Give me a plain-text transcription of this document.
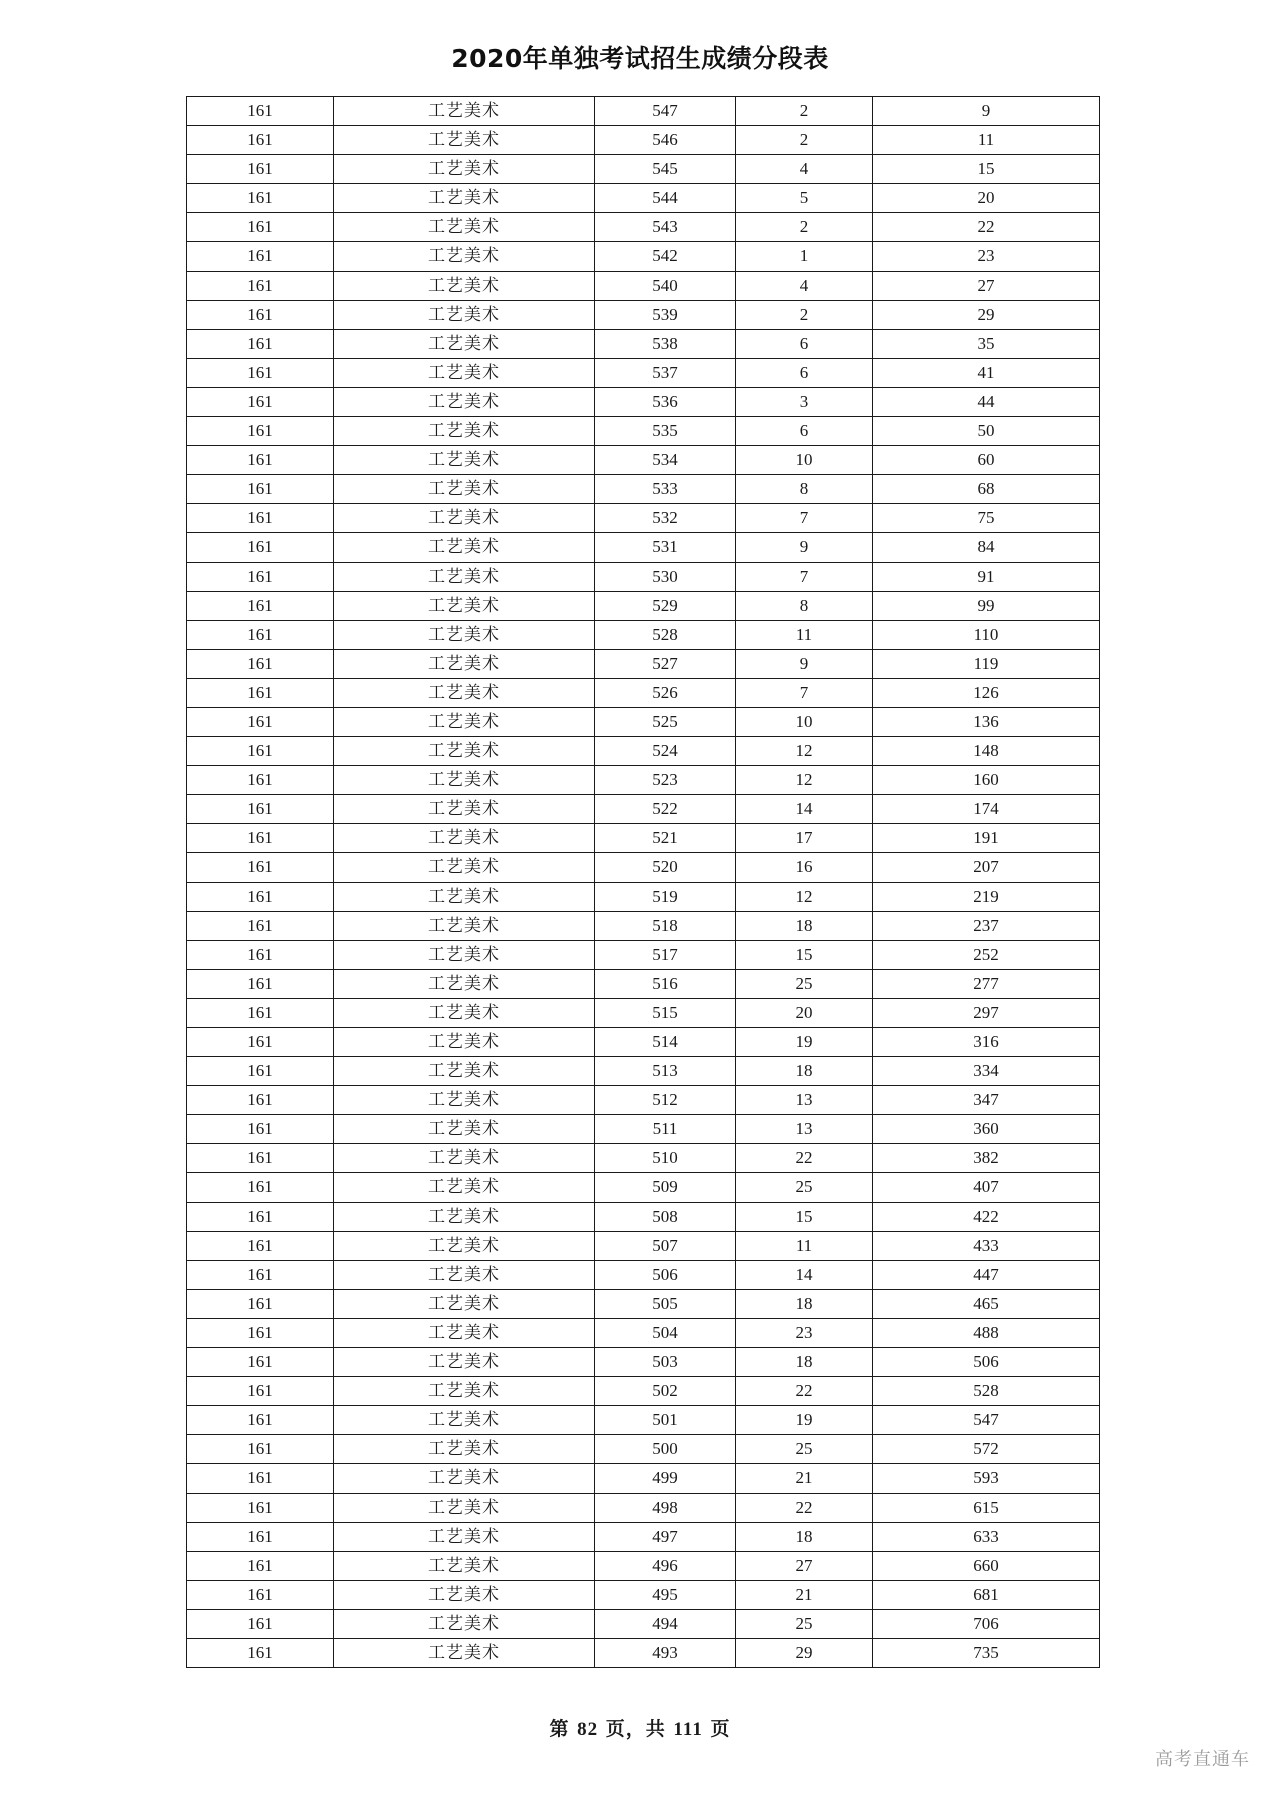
2020年单独考试招生成绩分段表
161	工艺美术	547	2	9
161	工艺美术	546	2	11
161	工艺美术	545	4	15
161	工艺美术	544	5	20
161	工艺美术	543	2	22
161	工艺美术	542	1	23
161	工艺美术	540	4	27
161	工艺美术	539	2	29
161	工艺美术	538	6	35
161	工艺美术	537	6	41
161	工艺美术	536	3	44
161	工艺美术	535	6	50
161	工艺美术	534	10	60
161	工艺美术	533	8	68
161	工艺美术	532	7	75
161	工艺美术	531	9	84
161	工艺美术	530	7	91
161	工艺美术	529	8	99
161	工艺美术	528	11	110
161	工艺美术	527	9	119
161	工艺美术	526	7	126
161	工艺美术	525	10	136
161	工艺美术	524	12	148
161	工艺美术	523	12	160
161	工艺美术	522	14	174
161	工艺美术	521	17	191
161	工艺美术	520	16	207
161	工艺美术	519	12	219
161	工艺美术	518	18	237
161	工艺美术	517	15	252
161	工艺美术	516	25	277
161	工艺美术	515	20	297
161	工艺美术	514	19	316
161	工艺美术	513	18	334
161	工艺美术	512	13	347
161	工艺美术	511	13	360
161	工艺美术	510	22	382
161	工艺美术	509	25	407
161	工艺美术	508	15	422
161	工艺美术	507	11	433
161	工艺美术	506	14	447
161	工艺美术	505	18	465
161	工艺美术	504	23	488
161	工艺美术	503	18	506
161	工艺美术	502	22	528
161	工艺美术	501	19	547
161	工艺美术	500	25	572
161	工艺美术	499	21	593
161	工艺美术	498	22	615
161	工艺美术	497	18	633
161	工艺美术	496	27	660
161	工艺美术	495	21	681
161	工艺美术	494	25	706
161	工艺美术	493	29	735
第 82 页，共 111 页
高考直通车
